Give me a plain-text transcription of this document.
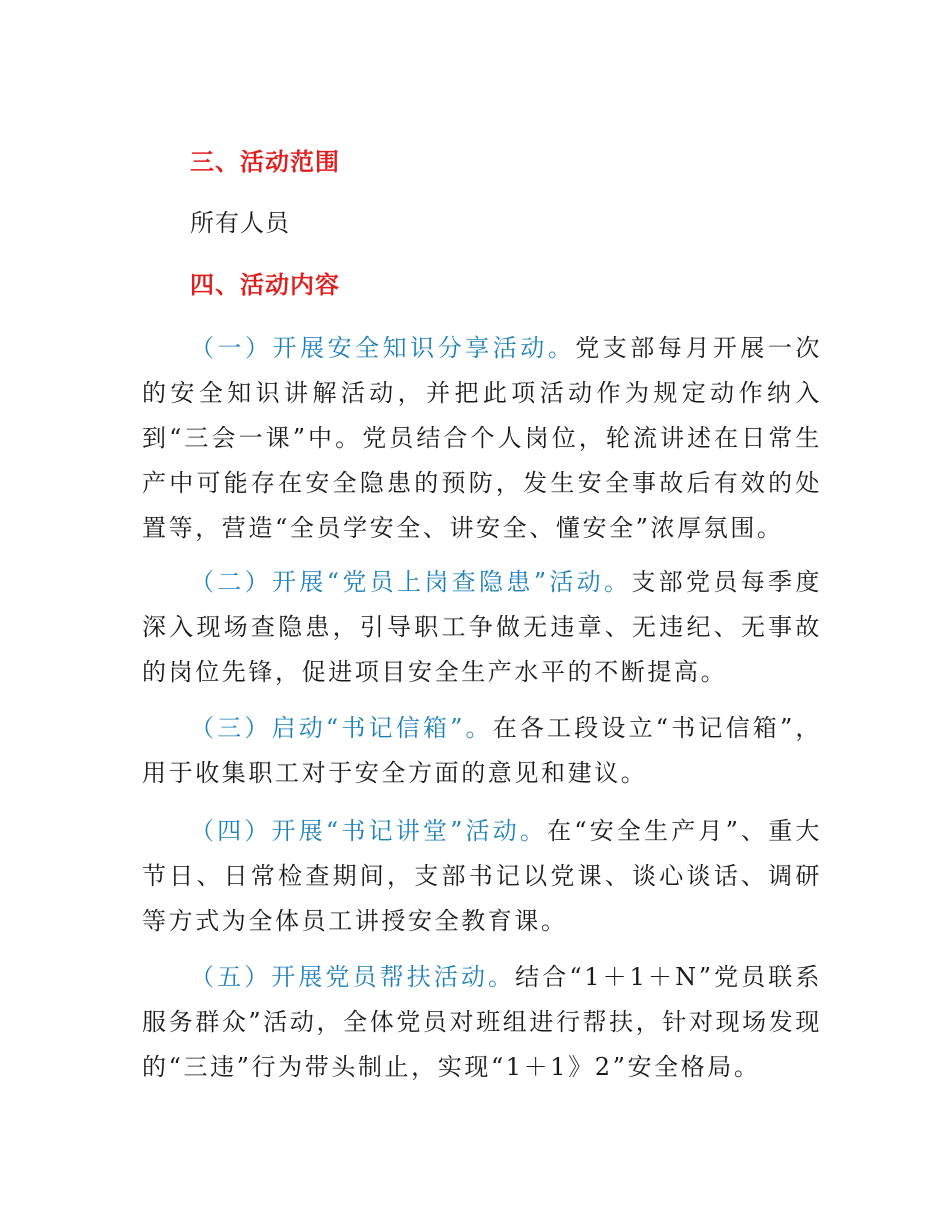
三、活动范围
所有人员
四、活动内容
（一）开展安全知识分享活动。党支部每月开展一次的安全知识讲解活动，并把此项活动作为规定动作纳入到“三会一课”中。党员结合个人岗位，轮流讲述在日常生产中可能存在安全隐患的预防，发生安全事故后有效的处置等，营造“全员学安全、讲安全、懂安全”浓厚氛围。
（二）开展“党员上岗查隐患”活动。支部党员每季度深入现场查隐患，引导职工争做无违章、无违纪、无事故的岗位先锋，促进项目安全生产水平的不断提高。
（三）启动“书记信箱”。在各工段设立“书记信箱”，用于收集职工对于安全方面的意见和建议。
（四）开展“书记讲堂”活动。在“安全生产月”、重大节日、日常检查期间，支部书记以党课、谈心谈话、调研等方式为全体员工讲授安全教育课。
（五）开展党员帮扶活动。结合“1＋1＋N”党员联系服务群众”活动，全体党员对班组进行帮扶，针对现场发现的“三违”行为带头制止，实现“1＋1》2”安全格局。
